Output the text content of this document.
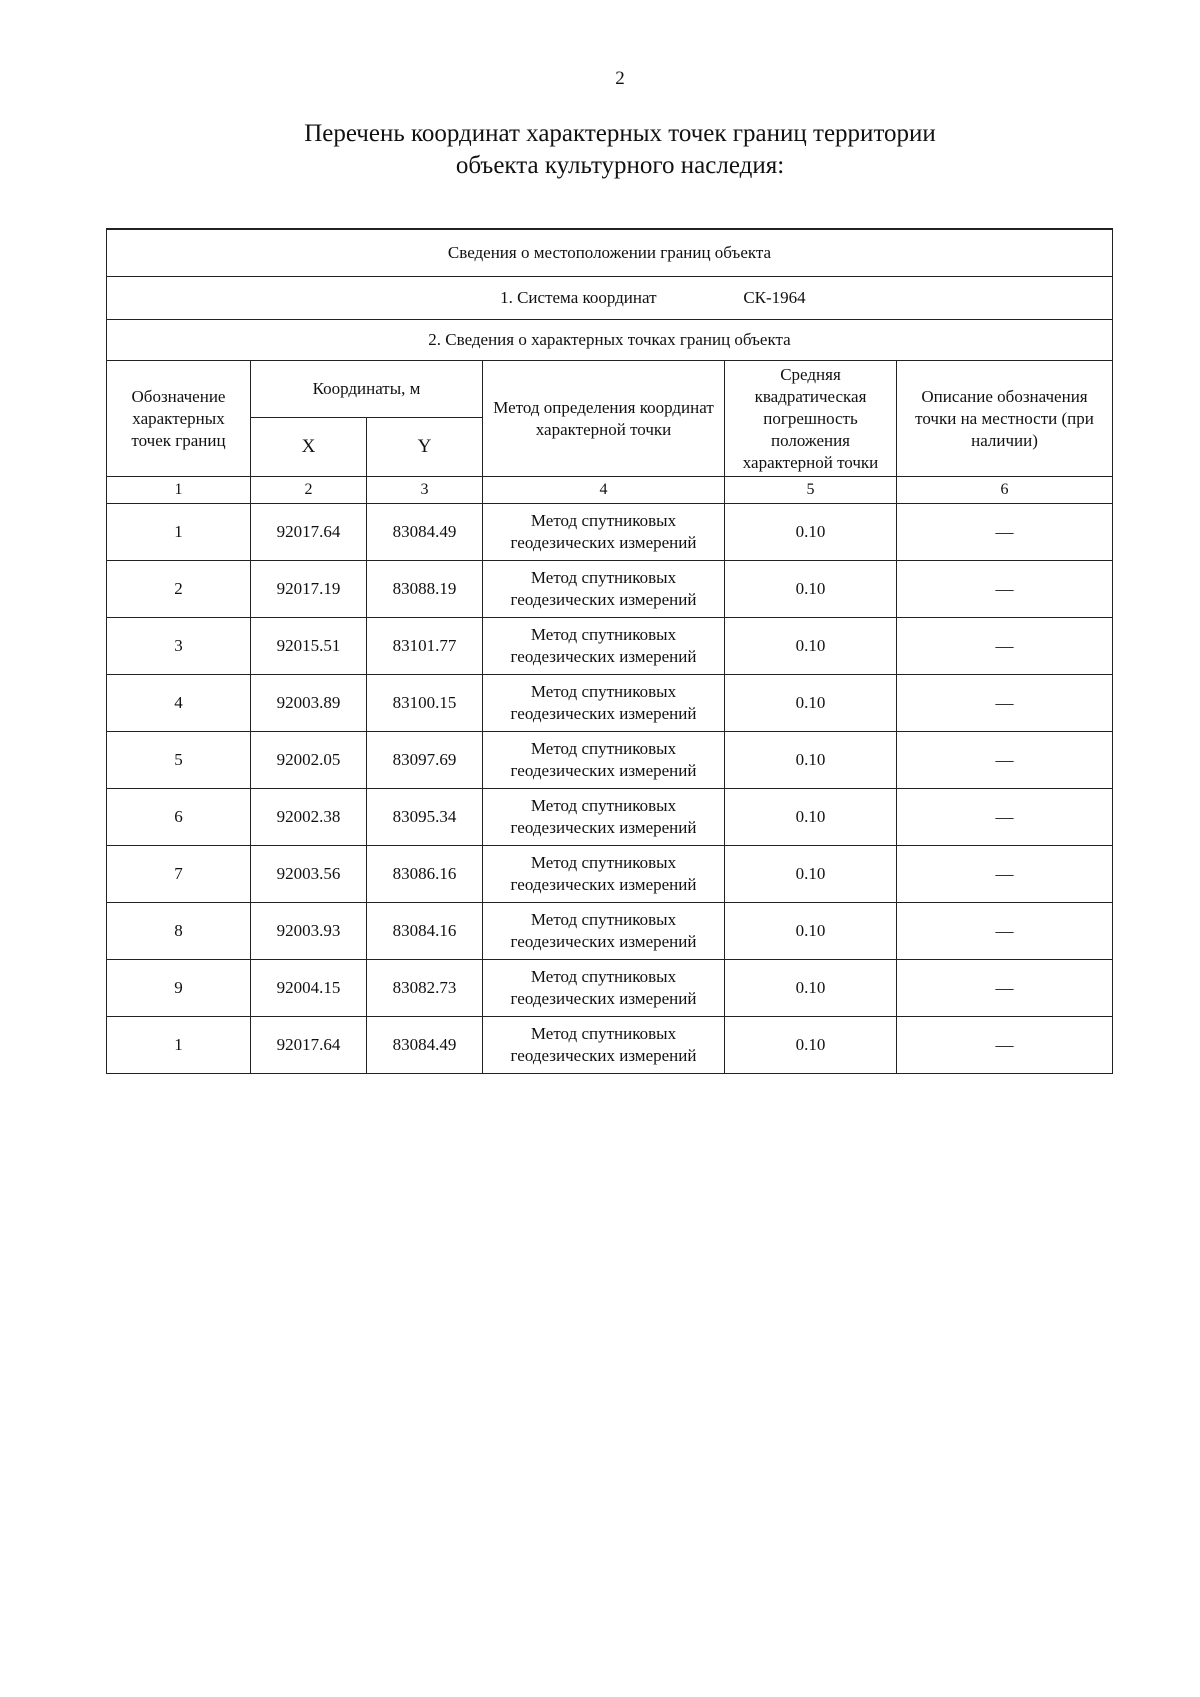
2
Перечень координат характерных точек границ территории
объекта культурного наследия:
Сведения о местоположении границ объекта					
1. Система координат СК-1964					
2. Сведения о характерных точках границ объекта					
Обозначение характерных точек границ	Координаты, м		Метод определения координат характерной точки	Средняя квадратическая погрешность положения характерной точки	Описание обозначения точки на местности (при наличии)
	X	Y			
1	2	3	4	5	6
1	92017.64	83084.49	Метод спутниковых геодезических измерений	0.10	—
2	92017.19	83088.19	Метод спутниковых геодезических измерений	0.10	—
3	92015.51	83101.77	Метод спутниковых геодезических измерений	0.10	—
4	92003.89	83100.15	Метод спутниковых геодезических измерений	0.10	—
5	92002.05	83097.69	Метод спутниковых геодезических измерений	0.10	—
6	92002.38	83095.34	Метод спутниковых геодезических измерений	0.10	—
7	92003.56	83086.16	Метод спутниковых геодезических измерений	0.10	—
8	92003.93	83084.16	Метод спутниковых геодезических измерений	0.10	—
9	92004.15	83082.73	Метод спутниковых геодезических измерений	0.10	—
1	92017.64	83084.49	Метод спутниковых геодезических измерений	0.10	—
